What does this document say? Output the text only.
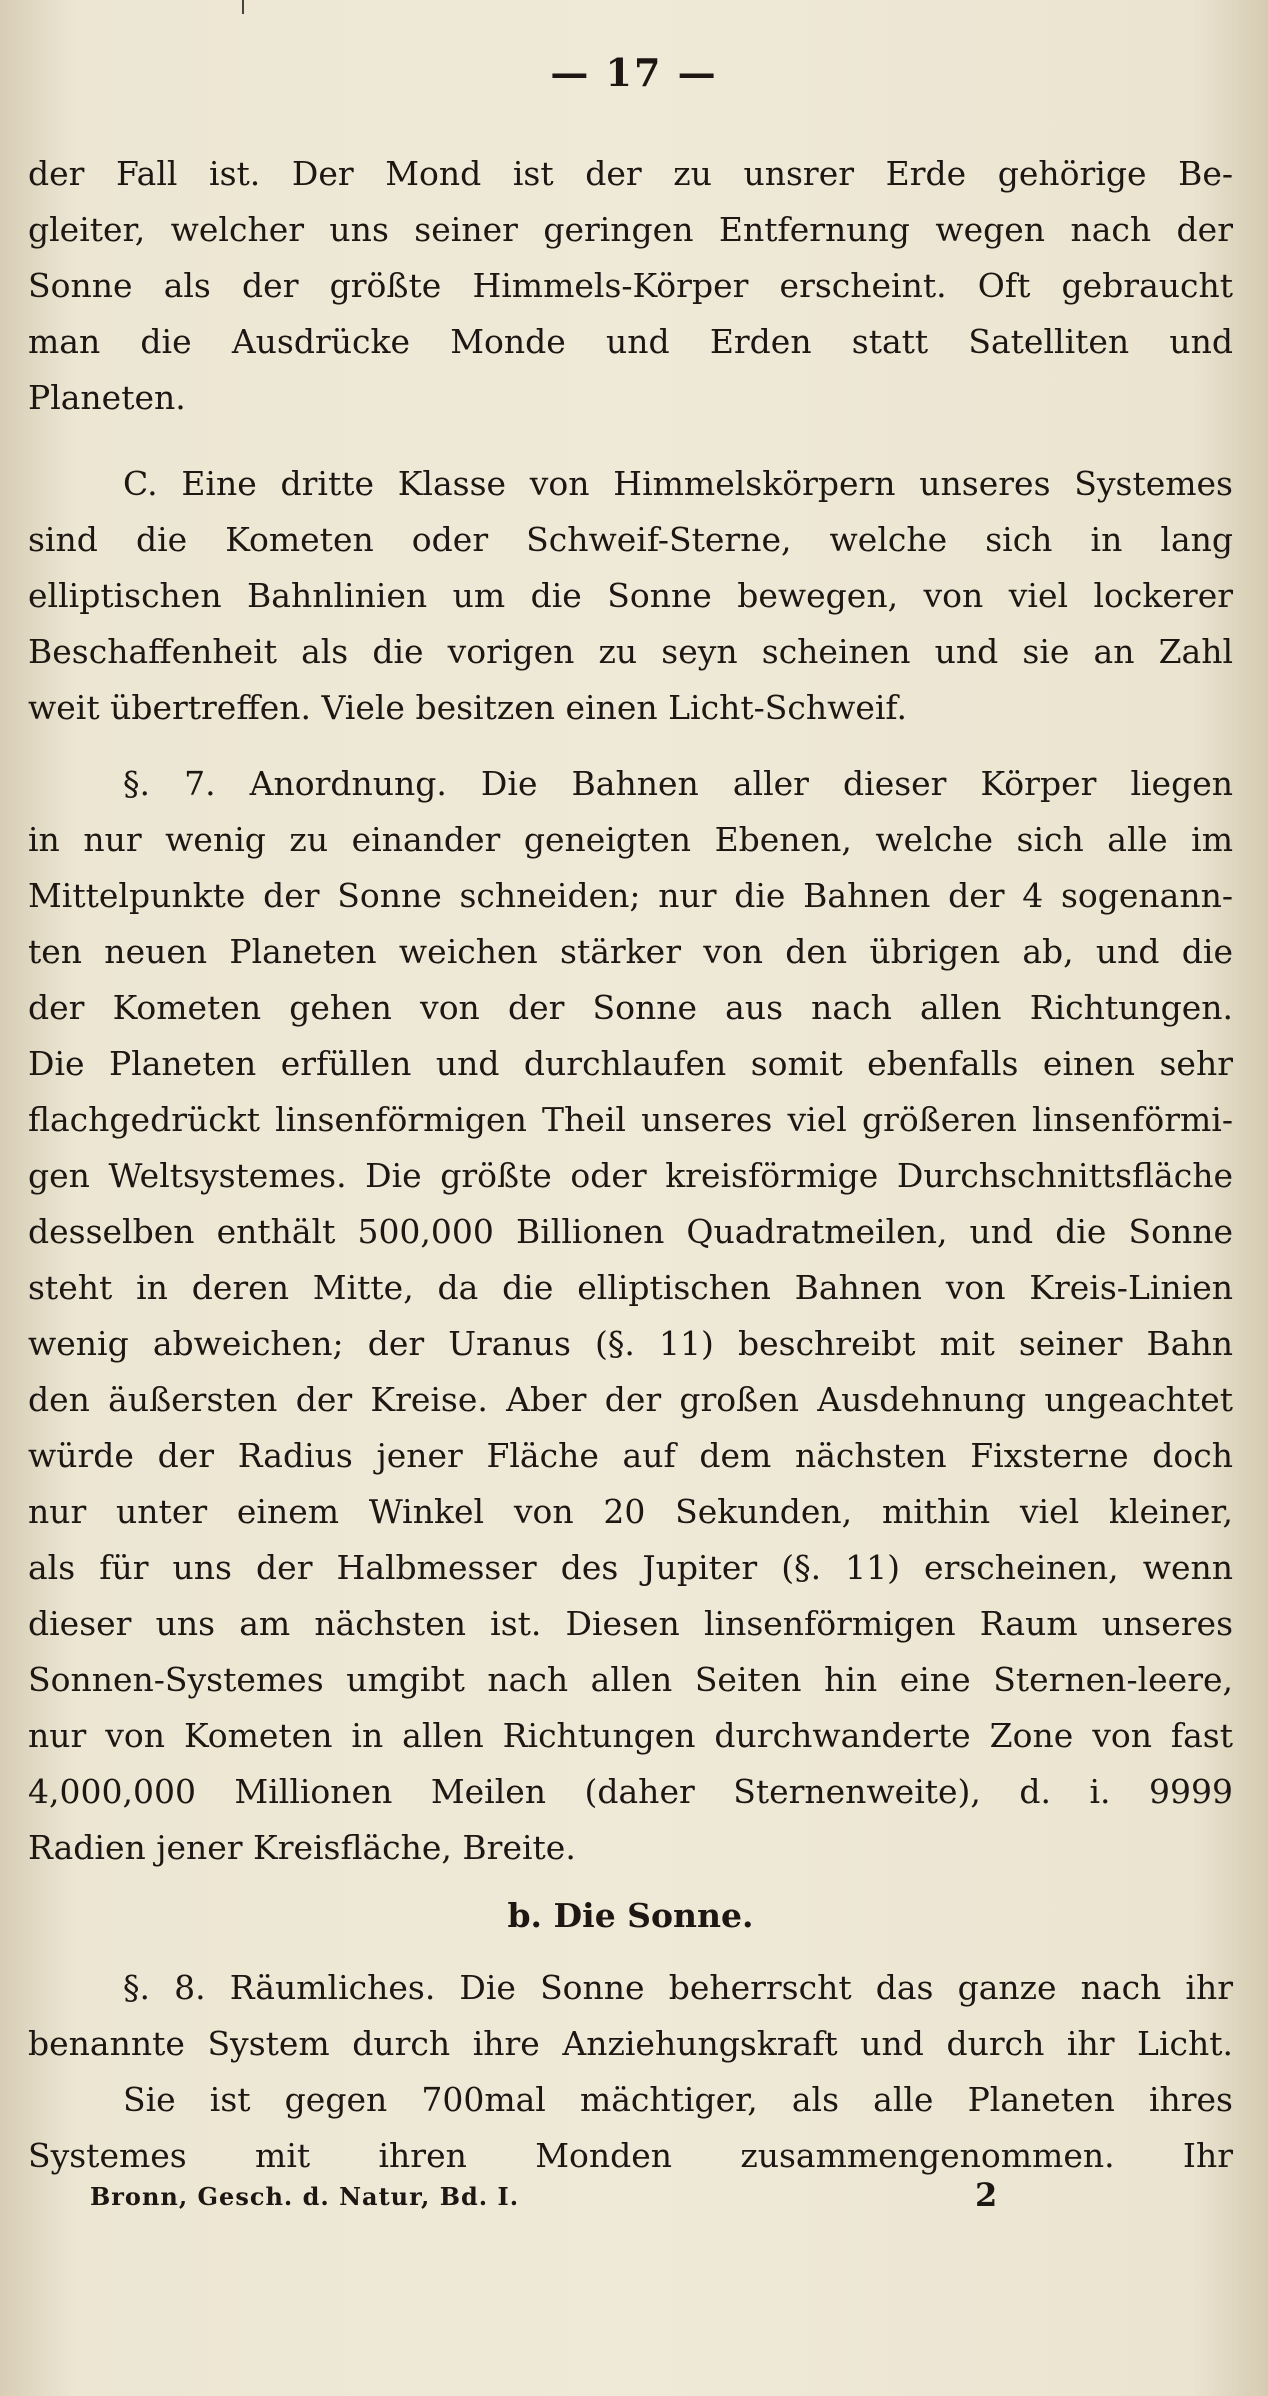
— 17 —
der Fall ist. Der Mond ist der zu unsrer Erde gehörige Be-
gleiter, welcher uns seiner geringen Entfernung wegen nach der
Sonne als der größte Himmels-Körper erscheint. Oft gebraucht
man die Ausdrücke Monde und Erden statt Satelliten und
Planeten.
C. Eine dritte Klasse von Himmelskörpern unseres Systemes
sind die Kometen oder Schweif-Sterne, welche sich in lang
elliptischen Bahnlinien um die Sonne bewegen, von viel lockerer
Beschaffenheit als die vorigen zu seyn scheinen und sie an Zahl
weit übertreffen. Viele besitzen einen Licht-Schweif.
§. 7. Anordnung. Die Bahnen aller dieser Körper liegen
in nur wenig zu einander geneigten Ebenen, welche sich alle im
Mittelpunkte der Sonne schneiden; nur die Bahnen der 4 sogenann-
ten neuen Planeten weichen stärker von den übrigen ab, und die
der Kometen gehen von der Sonne aus nach allen Richtungen.
Die Planeten erfüllen und durchlaufen somit ebenfalls einen sehr
flachgedrückt linsenförmigen Theil unseres viel größeren linsenförmi-
gen Weltsystemes. Die größte oder kreisförmige Durchschnittsfläche
desselben enthält 500,000 Billionen Quadratmeilen, und die Sonne
steht in deren Mitte, da die elliptischen Bahnen von Kreis-Linien
wenig abweichen; der Uranus (§. 11) beschreibt mit seiner Bahn
den äußersten der Kreise. Aber der großen Ausdehnung ungeachtet
würde der Radius jener Fläche auf dem nächsten Fixsterne doch
nur unter einem Winkel von 20 Sekunden, mithin viel kleiner,
als für uns der Halbmesser des Jupiter (§. 11) erscheinen, wenn
dieser uns am nächsten ist. Diesen linsenförmigen Raum unseres
Sonnen-Systemes umgibt nach allen Seiten hin eine Sternen-leere,
nur von Kometen in allen Richtungen durchwanderte Zone von fast
4,000,000 Millionen Meilen (daher Sternenweite), d. i. 9999
Radien jener Kreisfläche, Breite.
b. Die Sonne.
§. 8. Räumliches. Die Sonne beherrscht das ganze nach ihr
benannte System durch ihre Anziehungskraft und durch ihr Licht.
Sie ist gegen 700mal mächtiger, als alle Planeten ihres
Systemes mit ihren Monden zusammengenommen. Ihr
Bronn, Gesch. d. Natur, Bd. I.	2
